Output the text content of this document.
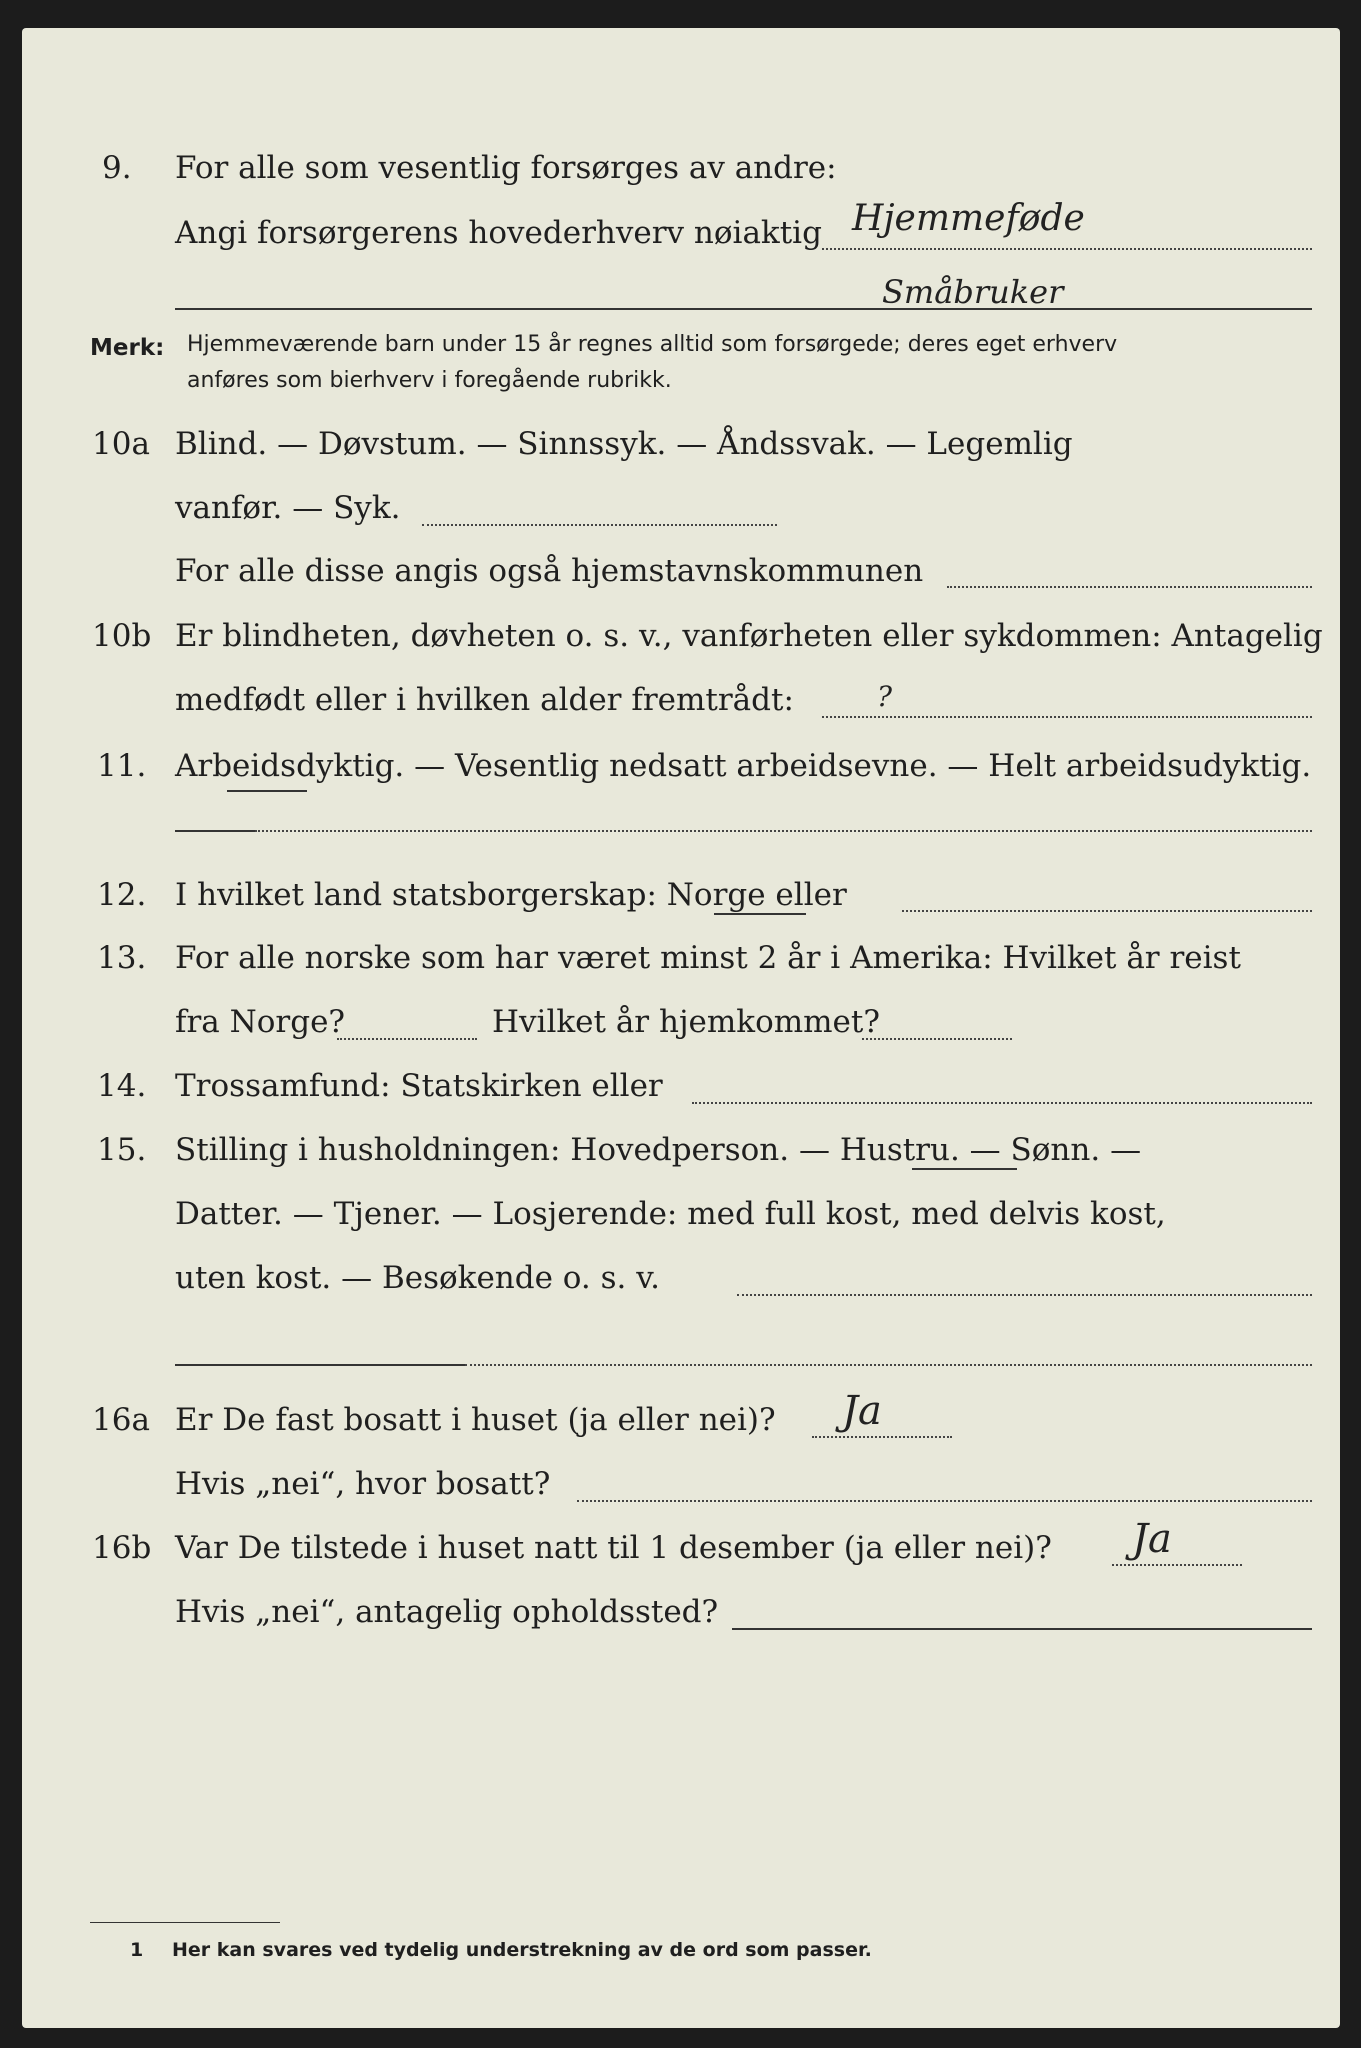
9. For alle som vesentlig forsørges av andre:
Angi forsørgerens hovederhverv nøiaktig Hjemmeføde
Småbruker
Merk: Hjemmeværende barn under 15 år regnes alltid som forsørgede; deres eget erhverv
anføres som bierhverv i foregående rubrikk.
10a Blind. — Døvstum. — Sinnssyk. — Åndssvak. — Legemlig
vanfør. — Syk.
For alle disse angis også hjemstavnskommunen
10b Er blindheten, døvheten o. s. v., vanførheten eller sykdommen: Antagelig
medfødt eller i hvilken alder fremtrådt:	?
11. Arbeidsdyktig. — Vesentlig nedsatt arbeidsevne. — Helt arbeidsudyktig.
12. I hvilket land statsborgerskap: Norge eller
13. For alle norske som har været minst 2 år i Amerika: Hvilket år reist
fra Norge?	Hvilket år hjemkommet?
14. Trossamfund: Statskirken eller
15. Stilling i husholdningen: Hovedperson. — Hustru. — Sønn. —
Datter. — Tjener. — Losjerende: med full kost, med delvis kost,
uten kost. — Besøkende o. s. v.
16a Er De fast bosatt i huset (ja eller nei)? Ja
Hvis „nei“, hvor bosatt?
16b Var De tilstede i huset natt til 1 desember (ja eller nei)? Ja
Hvis „nei“, antagelig opholdssted?
1 Her kan svares ved tydelig understrekning av de ord som passer.
